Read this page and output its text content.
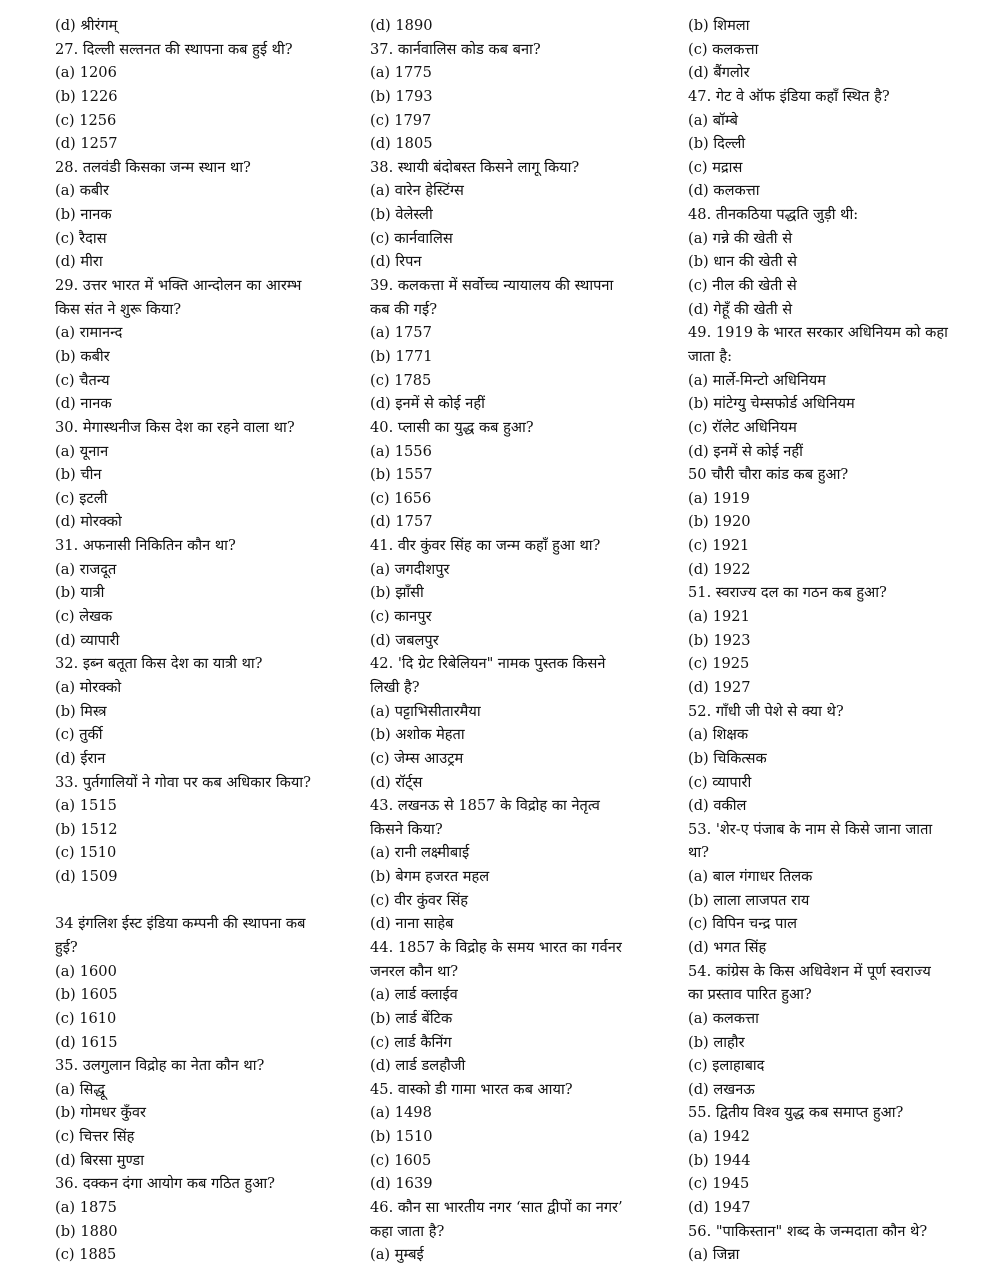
(d) श्रीरंगम्
27. दिल्ली सल्तनत की स्थापना कब हुई थी?
(a) 1206
(b) 1226
(c) 1256
(d) 1257
28. तलवंडी किसका जन्म स्थान था?
(a) कबीर
(b) नानक
(c) रैदास
(d) मीरा
29. उत्तर भारत में भक्ति आन्दोलन का आरम्भ
किस संत ने शुरू किया?
(a) रामानन्द
(b) कबीर
(c) चैतन्य
(d) नानक
30. मेगास्थनीज किस देश का रहने वाला था?
(a) यूनान
(b) चीन
(c) इटली
(d) मोरक्को
31. अफनासी निकितिन कौन था?
(a) राजदूत
(b) यात्री
(c) लेखक
(d) व्यापारी
32. इब्न बतूता किस देश का यात्री था?
(a) मोरक्को
(b) मिस्त्र
(c) तुर्की
(d) ईरान
33. पुर्तगालियों ने गोवा पर कब अधिकार किया?
(a) 1515
(b) 1512
(c) 1510
(d) 1509
34 इंगलिश ईस्ट इंडिया कम्पनी की स्थापना कब
हुई?
(a) 1600
(b) 1605
(c) 1610
(d) 1615
35. उलगुलान विद्रोह का नेता कौन था?
(a) सिद्धू
(b) गोमधर कुँवर
(c) चित्तर सिंह
(d) बिरसा मुण्डा
36. दक्कन दंगा आयोग कब गठित हुआ?
(a) 1875
(b) 1880
(c) 1885
(d) 1890
37. कार्नवालिस कोड कब बना?
(a) 1775
(b) 1793
(c) 1797
(d) 1805
38. स्थायी बंदोबस्त किसने लागू किया?
(a) वारेन हेस्टिंग्स
(b) वेलेस्ली
(c) कार्नवालिस
(d) रिपन
39. कलकत्ता में सर्वोच्च न्यायालय की स्थापना
कब की गई?
(a) 1757
(b) 1771
(c) 1785
(d) इनमें से कोई नहीं
40. प्लासी का युद्ध कब हुआ?
(a) 1556
(b) 1557
(c) 1656
(d) 1757
41. वीर कुंवर सिंह का जन्म कहाँ हुआ था?
(a) जगदीशपुर
(b) झाँसी
(c) कानपुर
(d) जबलपुर
42. 'दि ग्रेट रिबेलियन" नामक पुस्तक किसने
लिखी है?
(a) पट्टाभिसीतारमैया
(b) अशोक मेहता
(c) जेम्स आउट्रम
(d) रॉर्ट्स
43. लखनऊ से 1857 के विद्रोह का नेतृत्व
किसने किया?
(a) रानी लक्ष्मीबाई
(b) बेगम हजरत महल
(c) वीर कुंवर सिंह
(d) नाना साहेब
44. 1857 के विद्रोह के समय भारत का गर्वनर
जनरल कौन था?
(a) लार्ड क्लाईव
(b) लार्ड बेंटिक
(c) लार्ड कैनिंग
(d) लार्ड डलहौजी
45. वास्को डी गामा भारत कब आया?
(a) 1498
(b) 1510
(c) 1605
(d) 1639
46. कौन सा भारतीय नगर ‘सात द्वीपों का नगर’
कहा जाता है?
(a) मुम्बई
(b) शिमला
(c) कलकत्ता
(d) बैंगलोर
47. गेट वे ऑफ इंडिया कहाँ स्थित है?
(a) बॉम्बे
(b) दिल्ली
(c) मद्रास
(d) कलकत्ता
48. तीनकठिया पद्धति जुड़ी थी:
(a) गन्ने की खेती से
(b) धान की खेती से
(c) नील की खेती से
(d) गेहूँ की खेती से
49. 1919 के भारत सरकार अधिनियम को कहा
जाता है:
(a) मार्ले-मिन्टो अधिनियम
(b) मांटेग्यु चेम्सफोर्ड अधिनियम
(c) रॉलेट अधिनियम
(d) इनमें से कोई नहीं
50 चौरी चौरा कांड कब हुआ?
(a) 1919
(b) 1920
(c) 1921
(d) 1922
51. स्वराज्य दल का गठन कब हुआ?
(a) 1921
(b) 1923
(c) 1925
(d) 1927
52. गाँधी जी पेशे से क्या थे?
(a) शिक्षक
(b) चिकित्सक
(c) व्यापारी
(d) वकील
53. 'शेर-ए पंजाब के नाम से किसे जाना जाता
था?
(a) बाल गंगाधर तिलक
(b) लाला लाजपत राय
(c) विपिन चन्द्र पाल
(d) भगत सिंह
54. कांग्रेस के किस अधिवेशन में पूर्ण स्वराज्य
का प्रस्ताव पारित हुआ?
(a) कलकत्ता
(b) लाहौर
(c) इलाहाबाद
(d) लखनऊ
55. द्वितीय विश्व युद्ध कब समाप्त हुआ?
(a) 1942
(b) 1944
(c) 1945
(d) 1947
56. "पाकिस्तान" शब्द के जन्मदाता कौन थे?
(a) जिन्ना
